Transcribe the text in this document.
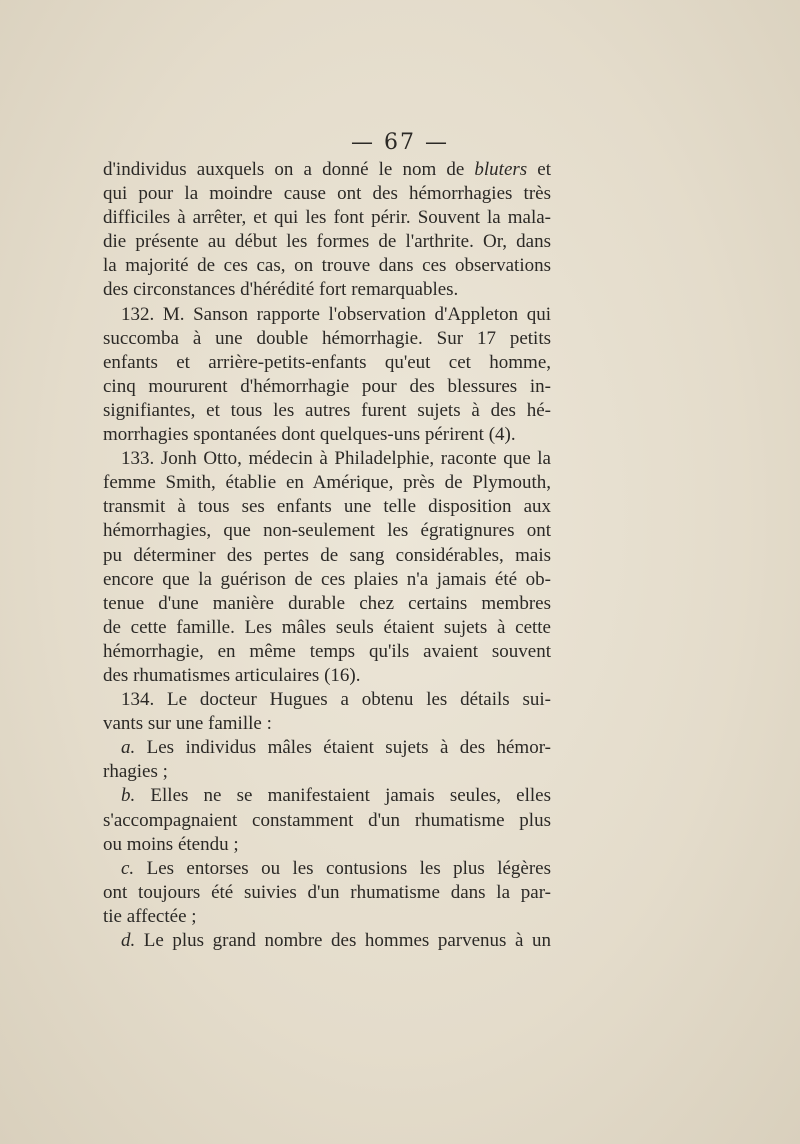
— 67 —
d'individus auxquels on a donné le nom de bluters et
qui pour la moindre cause ont des hémorrhagies très
difficiles à arrêter, et qui les font périr. Souvent la mala-
die présente au début les formes de l'arthrite. Or, dans
la majorité de ces cas, on trouve dans ces observations
des circonstances d'hérédité fort remarquables.
132. M. Sanson rapporte l'observation d'Appleton qui
succomba à une double hémorrhagie. Sur 17 petits
enfants et arrière-petits-enfants qu'eut cet homme,
cinq moururent d'hémorrhagie pour des blessures in-
signifiantes, et tous les autres furent sujets à des hé-
morrhagies spontanées dont quelques-uns périrent (4).
133. Jonh Otto, médecin à Philadelphie, raconte que la
femme Smith, établie en Amérique, près de Plymouth,
transmit à tous ses enfants une telle disposition aux
hémorrhagies, que non-seulement les égratignures ont
pu déterminer des pertes de sang considérables, mais
encore que la guérison de ces plaies n'a jamais été ob-
tenue d'une manière durable chez certains membres
de cette famille. Les mâles seuls étaient sujets à cette
hémorrhagie, en même temps qu'ils avaient souvent
des rhumatismes articulaires (16).
134. Le docteur Hugues a obtenu les détails sui-
vants sur une famille :
a. Les individus mâles étaient sujets à des hémor-
rhagies ;
b. Elles ne se manifestaient jamais seules, elles
s'accompagnaient constamment d'un rhumatisme plus
ou moins étendu ;
c. Les entorses ou les contusions les plus légères
ont toujours été suivies d'un rhumatisme dans la par-
tie affectée ;
d. Le plus grand nombre des hommes parvenus à un
